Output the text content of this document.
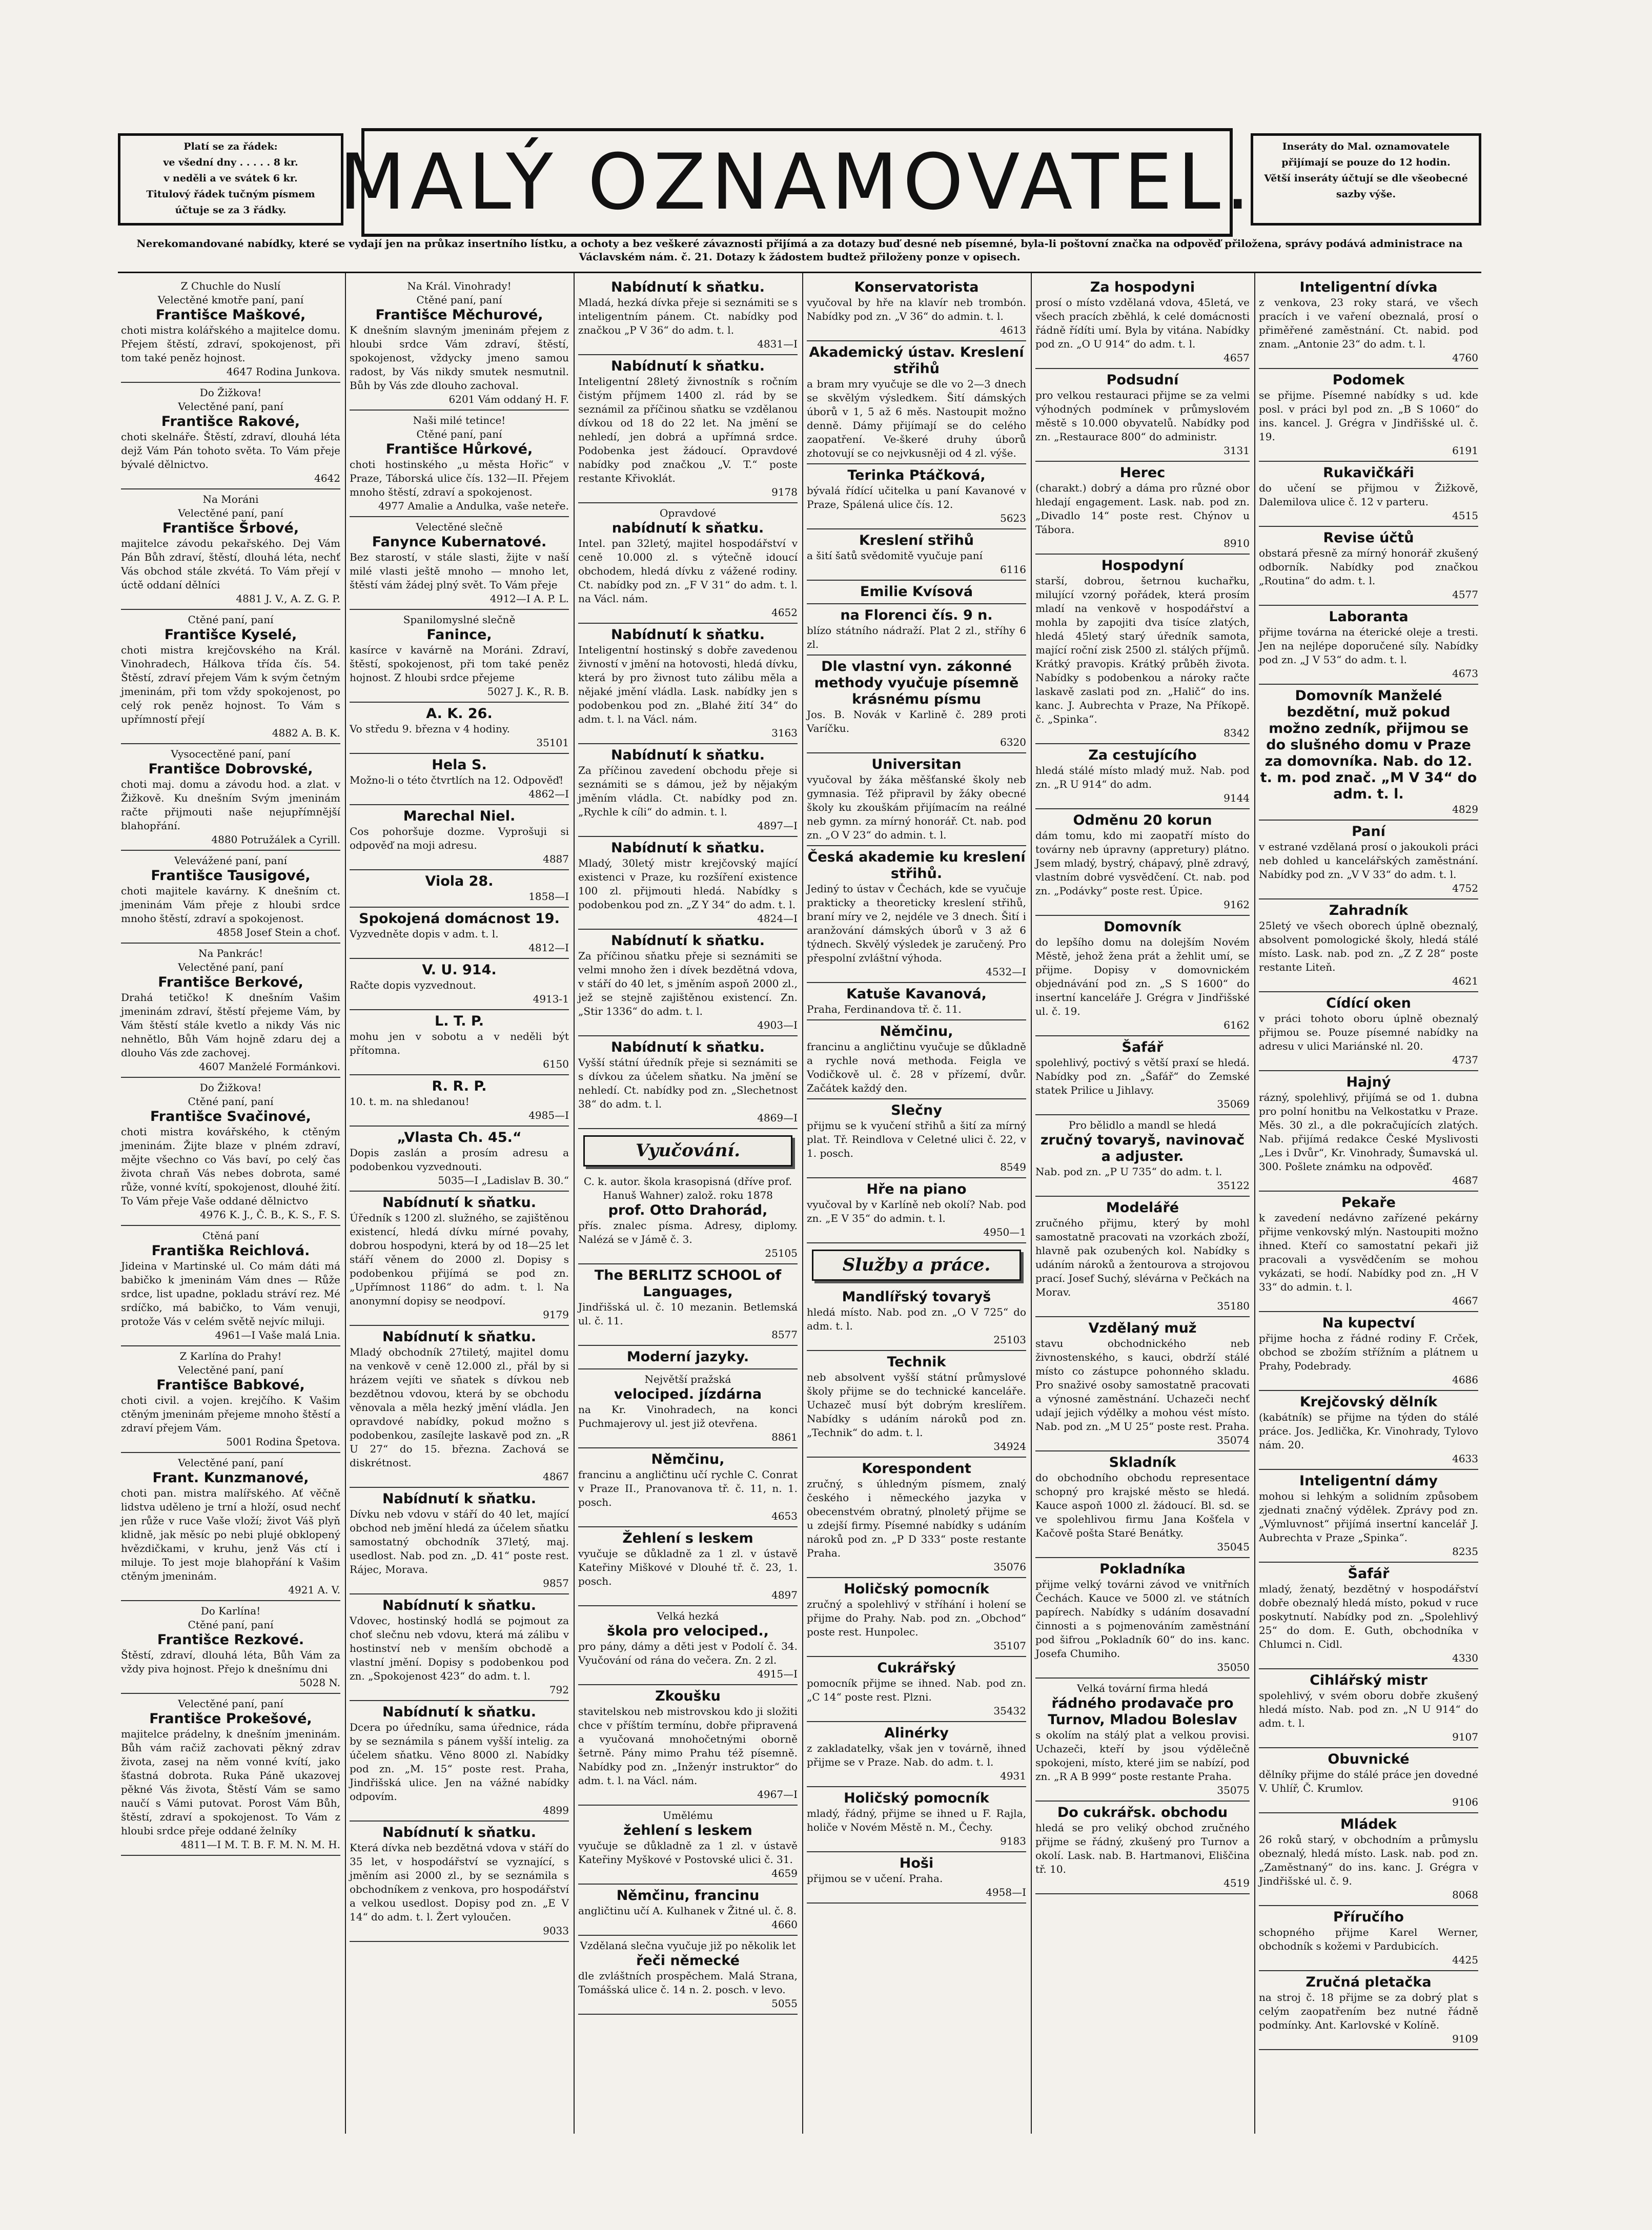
Platí se za řádek:
ve všední dny . . . . . 8 kr.
v neděli a ve svátek 6 kr.
Titulový řádek tučným písmem
účtuje se za 3 řádky. MALÝ OZNAMOVATEL.	Inseráty do Mal. oznamovatele
přijímají se pouze do 12 hodin.
Větší inseráty účtují se dle všeobecné sazby výše.
Nerekomandované nabídky, které se vydají jen na průkaz insertního lístku, a ochoty a bez veškeré závaznosti přijímá a za dotazy buď desné neb písemné, byla-li poštovní značka na odpověď přiložena, správy podává administrace na Václavském nám. č. 21. Dotazy k žádostem budtež přiloženy ponze v opisech.
Z Chuchle do Nuslí
Velectěné kmotře paní, paní
Františce Maškové,
choti mistra kolářského a majitelce domu. Přejem štěstí, zdraví, spokojenost, při tom také peněz hojnost.
4647 Rodina Junkova.
Do Žižkova!
Velectěné paní, paní
Františce Rakové,
choti skelnáře. Štěstí, zdraví, dlouhá léta dejž Vám Pán tohoto světa. To Vám přeje bývalé dělnictvo.
4642
Na Moráni
Velectěné paní, paní
Františce Šrbové,
majitelce závodu pekařského. Dej Vám Pán Bůh zdraví, štěstí, dlouhá léta, nechť Vás obchod stále zkvétá. To Vám přejí v úctě oddaní dělníci
4881 J. V., A. Z. G. P.
Ctěné paní, paní
Františce Kyselé,
choti mistra krejčovského na Král. Vinohradech, Hálkova třída čís. 54. Štěstí, zdraví přejem Vám k svým četným jmeninám, při tom vždy spokojenost, po celý rok peněz hojnost. To Vám s upřímností přejí
4882 A. B. K.
Vysocectěné paní, paní
Františce Dobrovské,
choti maj. domu a závodu hod. a zlat. v Žižkově. Ku dnešním Svým jmeninám račte přijmouti naše nejupřímnější blahopřání.
4880 Potružálek a Cyrill.
Velevážené paní, paní
Františce Tausigové,
choti majitele kavárny. K dnešním ct. jmeninám Vám přeje z hloubi srdce mnoho štěstí, zdraví a spokojenost.
4858 Josef Stein a choť.
Na Pankrác!
Velectěné paní, paní
Františce Berkové,
Drahá tetičko! K dnešním Vašim jmeninám zdraví, štěstí přejeme Vám, by Vám štěstí stále kvetlo a nikdy Vás nic nehnětlo, Bůh Vám hojně zdaru dej a dlouho Vás zde zachovej.
4607 Manželé Formánkovi.
Do Žižkova!
Ctěné paní, paní
Františce Svačinové,
choti mistra kovářského, k ctěným jmeninám. Žijte blaze v plném zdraví, mějte všechno co Vás baví, po celý čas života chraň Vás nebes dobrota, samé růže, vonné kvítí, spokojenost, dlouhé žití. To Vám přeje Vaše oddané dělnictvo
4976 K. J., Č. B., K. S., F. S.
Ctěná paní
Františka Reichlová.
Jideina v Martinské ul. Co mám dáti má babičko k jmeninám Vám dnes — Růže srdce, list upadne, pokladu stráví rez. Mé srdíčko, má babičko, to Vám venuji, protože Vás v celém světě nejvíc miluji.
4961—I Vaše malá Lnia.
Z Karlína do Prahy!
Velectěné paní, paní
Františce Babkové,
choti civil. a vojen. krejčího. K Vašim ctěným jmeninám přejeme mnoho štěstí a zdraví přejem Vám.
5001 Rodina Špetova.
Velectěné paní, paní
Frant. Kunzmanové,
choti pan. mistra malířského. Ať věčně lidstva uděleno je trní a hloží, osud nechť jen růže v ruce Vaše vloží; život Váš plyň klidně, jak měsíc po nebi plujé obklopený hvězdičkami, v kruhu, jenž Vás ctí i miluje. To jest moje blahopřání k Vašim ctěným jmeninám.
4921 A. V.
Do Karlína!
Ctěné paní, paní
Františce Rezkové.
Štěstí, zdraví, dlouhá léta, Bůh Vám za vždy piva hojnost. Přejo k dnešnímu dni
5028 N.
Velectěné paní, paní
Františce Prokešové,
majitelce prádelny, k dnešním jmeninám. Bůh vám račiž zachovati pěkný zdrav života, zasej na něm vonné kvítí, jako šťastná dobrota. Ruka Páně ukazovej pěkné Vás života, Štěstí Vám se samo naučí s Vámi putovat. Porost Vám Bůh, štěstí, zdraví a spokojenost. To Vám z hloubi srdce přeje oddané želníky
4811—I M. T. B. F. M. N. M. H.
Na Král. Vinohrady!
Ctěné paní, paní
Františce Měchurové,
K dnešním slavným jmeninám přejem z hloubi srdce Vám zdraví, štěstí, spokojenost, vždycky jmeno samou radost, by Vás nikdy smutek nesmutnil. Bůh by Vás zde dlouho zachoval.
6201 Vám oddaný H. F.
Naši milé tetince!
Ctěné paní, paní
Františce Hůrkové,
choti hostinského „u města Hořic“ v Praze, Táborská ulice čís. 132—II. Přejem mnoho štěstí, zdraví a spokojenost.
4977 Amalie a Andulka, vaše neteře.
Velectěné slečně
Fanynce Kubernatové.
Bez starostí, v stále slasti, žijte v naší milé vlasti ještě mnoho — mnoho let, štěstí vám žádej plný svět. To Vám přeje
4912—I A. P. L.
Spanilomyslné slečně
Fanince,
kasírce v kavárně na Moráni. Zdraví, štěstí, spokojenost, při tom také peněz hojnost. Z hloubi srdce přejeme
5027 J. K., R. B.
A. K. 26.
Vo středu 9. března v 4 hodiny.
35101
Hela S.
Možno-li o této čtvrtlích na 12. Odpověď!
4862—I
Marechal Niel.
Cos pohoršuje dozme. Vyprošuji si odpověď na moji adresu.
4887
Viola 28.
1858—I
Spokojená domácnost 19.
Vyzvedněte dopis v adm. t. l.
4812—I
V. U. 914.
Račte dopis vyzvednout.
4913-1
L. T. P.
mohu jen v sobotu a v neděli být přítomna.
6150
R. R. P.
10. t. m. na shledanou!
4985—I
„Vlasta Ch. 45.“
Dopis zaslán a prosím adresu a podobenkou vyzvednouti.
5035—I „Ladislav B. 30.“
Nabídnutí k sňatku.
Úředník s 1200 zl. služného, se zajištěnou existencí, hledá dívku mírné povahy, dobrou hospodyni, která by od 18—25 let stáří věnem do 2000 zl. Dopisy s podobenkou přijímá se pod zn. „Upřímnost 1186“ do adm. t. l. Na anonymní dopisy se neodpoví.
9179
Nabídnutí k sňatku.
Mladý obchodník 27tiletý, majitel domu na venkově v ceně 12.000 zl., přál by si hrázem vejíti ve sňatek s dívkou neb bezdětnou vdovou, která by se obchodu věnovala a měla hezký jmění vládla. Jen opravdové nabídky, pokud možno s podobenkou, zasílejte laskavě pod zn. „R U 27“ do 15. března. Zachová se diskrétnost.
4867
Nabídnutí k sňatku.
Dívku neb vdovu v stáří do 40 let, mající obchod neb jmění hledá za účelem sňatku samostatný obchodník 37letý, maj. usedlost. Nab. pod zn. „D. 41“ poste rest. Rájec, Morava.
9857
Nabídnutí k sňatku.
Vdovec, hostinský hodlá se pojmout za choť slečnu neb vdovu, která má zálibu v hostinství neb v menším obchodě a vlastní jmění. Dopisy s podobenkou pod zn. „Spokojenost 423“ do adm. t. l.
792
Nabídnutí k sňatku.
Dcera po úředníku, sama úřednice, ráda by se seznámila s pánem vyšší intelig. za účelem sňatku. Věno 8000 zl. Nabídky pod zn. „M. 15“ poste rest. Praha, Jindřišská ulice. Jen na vážné nabídky odpovím.
4899
Nabídnutí k sňatku.
Která dívka neb bezdětná vdova v stáří do 35 let, v hospodářství se vyznající, s jměním asi 2000 zl., by se seznámila s obchodníkem z venkova, pro hospodářství a velkou usedlost. Dopisy pod zn. „E V 14“ do adm. t. l. Žert vyloučen.
9033
Nabídnutí k sňatku.
Mladá, hezká dívka přeje si seznámiti se s inteligentním pánem. Ct. nabídky pod značkou „P V 36“ do adm. t. l.
4831—I
Nabídnutí k sňatku.
Inteligentní 28letý živnostník s ročním čistým příjmem 1400 zl. rád by se seznámil za příčinou sňatku se vzdělanou dívkou od 18 do 22 let. Na jmění se nehledí, jen dobrá a upřímná srdce. Podobenka jest žádoucí. Opravdové nabídky pod značkou „V. T.“ poste restante Křivoklát.
9178
Opravdové
nabídnutí k sňatku.
Intel. pan 32letý, majitel hospodářství v ceně 10.000 zl. s výtečně idoucí obchodem, hledá dívku z vážené rodiny. Ct. nabídky pod zn. „F V 31“ do adm. t. l. na Václ. nám.
4652
Nabídnutí k sňatku.
Inteligentní hostinský s dobře zavedenou živností v jmění na hotovosti, hledá dívku, která by pro živnost tuto zálibu měla a nějaké jmění vládla. Lask. nabídky jen s podobenkou pod zn. „Blahé žití 34“ do adm. t. l. na Václ. nám.
3163
Nabídnutí k sňatku.
Za příčinou zavedení obchodu přeje si seznámiti se s dámou, jež by nějakým jměním vládla. Ct. nabídky pod zn. „Rychle k cíli“ do admin. t. l.
4897—I
Nabídnutí k sňatku.
Mladý, 30letý mistr krejčovský mající existenci v Praze, ku rozšíření existence 100 zl. přijmouti hledá. Nabídky s podobenkou pod zn. „Z Y 34“ do adm. t. l.
4824—I
Nabídnutí k sňatku.
Za příčinou sňatku přeje si seznámiti se velmi mnoho žen i dívek bezdětná vdova, v stáří do 40 let, s jměním aspoň 2000 zl., jež se stejně zajištěnou existencí. Zn. „Stir 1336“ do adm. t. l.
4903—I
Nabídnutí k sňatku.
Vyšší státní úředník přeje si seznámiti se s dívkou za účelem sňatku. Na jmění se nehledí. Ct. nabídky pod zn. „Slechetnost 38“ do adm. t. l.
4869—I
Vyučování.
C. k. autor. škola krasopisná (dříve prof. Hanuš Wahner) založ. roku 1878
prof. Otto Drahorád,
přís. znalec písma. Adresy, diplomy. Nalézá se v Jámě č. 3.
25105
The BERLITZ SCHOOL of Languages,
Jindřišská ul. č. 10 mezanin. Betlemská ul. č. 11.
8577
Moderní jazyky.
Největší pražská
velociped. jízdárna
na Kr. Vinohradech, na konci Puchmajerovy ul. jest již otevřena.
8861
Němčinu,
francinu a angličtinu učí rychle C. Conrat v Praze II., Pranovanova tř. č. 11, n. 1. posch.
4653
Žehlení s leskem
vyučuje se důkladně za 1 zl. v ústavě Kateřiny Miškové v Dlouhé tř. č. 23, 1. posch.
4897
Velká hezká
škola pro velociped.,
pro pány, dámy a děti jest v Podolí č. 34. Vyučování od rána do večera. Zn. 2 zl.
4915—I
Zkoušku
stavitelskou neb mistrovskou kdo ji složiti chce v příštím termínu, dobře připravená a vyučovaná mnohočetnými oborně šetrně. Pány mimo Prahu též písemně. Nabídky pod zn. „Inženýr instruktor“ do adm. t. l. na Václ. nám.
4967—I
Umělému
žehlení s leskem
vyučuje se důkladně za 1 zl. v ústavě Kateřiny Myškové v Postovské ulici č. 31.
4659
Němčinu, francinu
angličtinu učí A. Kulhanek v Žitné ul. č. 8.
4660
Vzdělaná slečna vyučuje již po několik let
řeči německé
dle zvláštních prospěchem. Malá Strana, Tomášská ulice č. 14 n. 2. posch. v levo.
5055
Konservatorista
vyučoval by hře na klavír neb trombón. Nabídky pod zn. „V 36“ do admin. t. l.
4613
Akademický ústav. Kreslení střihů
a bram mry vyučuje se dle vo 2—3 dnech se skvělým výsledkem. Šití dámských úborů v 1, 5 až 6 měs. Nastoupit možno denně. Dámy přijímají se do celého zaopatření. Ve-škeré druhy úborů zhotovují se co nejvkusněji od 4 zl. výše.
Terinka Ptáčková,
bývalá řídící učitelka u paní Kavanové v Praze, Spálená ulice čís. 12.
5623
Kreslení střihů
a šití šatů svědomitě vyučuje paní
6116
Emilie Kvísová
na Florenci čís. 9 n.
blízo státního nádraží. Plat 2 zl., stříhy 6 zl.
Dle vlastní vyn. zákonné methody vyučuje písemně krásnému písmu
Jos. B. Novák v Karlině č. 289 proti Varíčku.
6320
Universitan
vyučoval by žáka měšťanské školy neb gymnasia. Též připravil by žáky obecné školy ku zkouškám přijímacím na reálné neb gymn. za mírný honorář. Ct. nab. pod zn. „O V 23“ do admin. t. l.
Česká akademie ku kreslení střihů.
Jediný to ústav v Čechách, kde se vyučuje prakticky a theoreticky kreslení střihů, braní míry ve 2, nejdéle ve 3 dnech. Šití i aranžování dámských úborů v 3 až 6 týdnech. Skvělý výsledek je zaručený. Pro přespolní zvláštní výhoda.
4532—I
Katuše Kavanová,
Praha, Ferdinandova tř. č. 11.
Němčinu,
francinu a angličtinu vyučuje se důkladně a rychle nová methoda. Feigla ve Vodičkově ul. č. 28 v přízemí, dvůr. Začátek každý den.
Slečny
přijmu se k vyučení střihů a šití za mírný plat. Tř. Reindlova v Celetné ulici č. 22, v 1. posch.
8549
Hře na piano
vyučoval by v Karlíně neb okolí? Nab. pod zn. „E V 35“ do admin. t. l.
4950—1
Služby a práce.
Mandlířský tovaryš
hledá místo. Nab. pod zn. „O V 725“ do adm. t. l.
25103
Technik
neb absolvent vyšší státní průmyslové školy přijme se do technické kanceláře. Uchazeč musí být dobrým kreslířem. Nabídky s udáním nároků pod zn. „Technik“ do adm. t. l.
34924
Korespondent
zručný, s úhledným písmem, znalý českého i německého jazyka v obecenstvém obratný, plnoletý přijme se u zdejší firmy. Písemné nabídky s udáním nároků pod zn. „P D 333“ poste restante Praha.
35076
Holičský pomocník
zručný a spolehlivý v stříhání i holení se přijme do Prahy. Nab. pod zn. „Obchod“ poste rest. Hunpolec.
35107
Cukrářský
pomocník přijme se ihned. Nab. pod zn. „C 14“ poste rest. Plzni.
35432
Alinérky
z zakladatelky, však jen v továrně, ihned přijme se v Praze. Nab. do adm. t. l.
4931
Holičský pomocník
mladý, řádný, přijme se ihned u F. Rajla, holiče v Novém Městě n. M., Čechy.
9183
Hoši
přijmou se v učení. Praha.
4958—I
Za hospodyni
prosí o místo vzdělaná vdova, 45letá, ve všech pracích zběhlá, k celé domácnosti řádně řídíti umí. Byla by vitána. Nabídky pod zn. „O U 914“ do adm. t. l.
4657
Podsudní
pro velkou restauraci přijme se za velmi výhodných podmínek v průmyslovém městě s 10.000 obyvatelů. Nabídky pod zn. „Restaurace 800“ do administr.
3131
Herec
(charakt.) dobrý a dáma pro různé obor hledají engagement. Lask. nab. pod zn. „Divadlo 14“ poste rest. Chýnov u Tábora.
8910
Hospodyní
starší, dobrou, šetrnou kuchařku, milující vzorný pořádek, která prosím mladí na venkově v hospodářství a mohla by zapojiti dva tisíce zlatých, hledá 45letý starý úředník samota, mající roční zisk 2500 zl. stálých příjmů. Krátký pravopis. Krátký průběh života. Nabídky s podobenkou a nároky račte laskavě zaslati pod zn. „Halič“ do ins. kanc. J. Aubrechta v Praze, Na Příkopě. č. „Spinka“.
8342
Za cestujícího
hledá stálé místo mladý muž. Nab. pod zn. „R U 914“ do adm.
9144
Odměnu 20 korun
dám tomu, kdo mi zaopatří místo do továrny neb úpravny (appretury) plátno. Jsem mladý, bystrý, chápavý, plně zdravý, vlastním dobré vysvědčení. Ct. nab. pod zn. „Podávky“ poste rest. Úpice.
9162
Domovník
do lepšího domu na dolejším Novém Městě, jehož žena prát a žehlit umí, se přijme. Dopisy v domovnickém objednávání pod zn. „S S 1600“ do insertní kanceláře J. Grégra v Jindřišské ul. č. 19.
6162
Šafář
spolehlivý, poctivý s větší praxí se hledá. Nabídky pod zn. „Šafář“ do Zemské statek Prilice u Jihlavy.
35069
Pro bělidlo a mandl se hledá
zručný tovaryš, navinovač a adjuster.
Nab. pod zn. „P U 735“ do adm. t. l.
35122
Modelářé
zručného přijmu, který by mohl samostatně pracovati na vzorkách zboží, hlavně pak ozubených kol. Nabídky s udáním nároků a žentourova a strojovou prací. Josef Suchý, slévárna v Pečkách na Morav.
35180
Vzdělaný muž
stavu obchodnického neb živnostenského, s kauci, obdrží stálé místo co zástupce pohonného skladu. Pro snaživé osoby samostatně pracovati a výnosné zaměstnání. Uchazeči nechť udají jejich výdělky a mohou vést místo. Nab. pod zn. „M U 25“ poste rest. Praha.
35074
Skladník
do obchodního obchodu representace schopný pro krajské město se hledá. Kauce aspoň 1000 zl. žádoucí. Bl. sd. se ve spolehlivou firmu Jana Košťela v Kačově pošta Staré Benátky.
35045
Pokladníka
přijme velký továrni závod ve vnitřních Čechách. Kauce ve 5000 zl. ve státních papírech. Nabídky s udáním dosavadní činnosti a s pojmenováním zaměstnání pod šifrou „Pokladník 60“ do ins. kanc. Josefa Chumiho.
35050
Velká tovární firma hledá
řádného prodavače pro Turnov, Mladou Boleslav
s okolím na stálý plat a velkou provisi. Uchazeči, kteří by jsou výdělečně spokojeni, místo, které jim se nabízí, pod zn. „R A B 999“ poste restante Praha.
35075
Do cukrářsk. obchodu
hledá se pro veliký obchod zručného přijme se řádný, zkušený pro Turnov a okolí. Lask. nab. B. Hartmanovi, Eliščina tř. 10.
4519
Inteligentní dívka
z venkova, 23 roky stará, ve všech pracích i ve vaření obeznalá, prosí o přiměřené zaměstnání. Ct. nabid. pod znam. „Antonie 23“ do adm. t. l.
4760
Podomek
se přijme. Písemné nabídky s ud. kde posl. v práci byl pod zn. „B S 1060“ do ins. kancel. J. Grégra v Jindřišské ul. č. 19.
6191
Rukavičkáři
do učení se přijmou v Žižkově, Dalemilova ulice č. 12 v parteru.
4515
Revise účtů
obstará přesně za mírný honorář zkušený odborník. Nabídky pod značkou „Routina“ do adm. t. l.
4577
Laboranta
přijme továrna na éterické oleje a tresti. Jen na nejlépe doporučené síly. Nabídky pod zn. „J V 53“ do adm. t. l.
4673
Domovník Manželé bezdětní, muž pokud možno zedník, přijmou se do slušného domu v Praze za domovníka. Nab. do 12. t. m. pod znač. „M V 34“ do adm. t. l.
4829
Paní
v estrané vzdělaná prosí o jakoukoli práci neb dohled u kancelářských zaměstnání. Nabídky pod zn. „V V 33“ do adm. t. l.
4752
Zahradník
25letý ve všech oborech úplně obeznalý, absolvent pomologické školy, hledá stálé místo. Lask. nab. pod zn. „Z Z 28“ poste restante Liteň.
4621
Cídící oken
v práci tohoto oboru úplně obeznalý přijmou se. Pouze písemné nabídky na adresu v ulici Mariánské nl. 20.
4737
Hajný
rázný, spolehlivý, přijímá se od 1. dubna pro polní honitbu na Velkostatku v Praze. Měs. 30 zl., a dle pokračujících zlatých. Nab. přijímá redakce České Myslivosti „Les i Dvůr“, Kr. Vinohrady, Šumavská ul. 300. Pošlete známku na odpověď.
4687
Pekaře
k zavedení nedávno zařízené pekárny přijme venkovský mlýn. Nastoupiti možno ihned. Kteří co samostatní pekaři již pracovali a vysvědčením se mohou vykázati, se hodí. Nabídky pod zn. „H V 33“ do admin. t. l.
4667
Na kupectví
přijme hocha z řádné rodiny F. Crček, obchod se zbožím střížním a plátnem u Prahy, Podebrady.
4686
Krejčovský dělník
(kabátník) se přijme na týden do stálé práce. Jos. Jedlička, Kr. Vinohrady, Tylovo nám. 20.
4633
Inteligentní dámy
mohou si lehkým a solidním způsobem zjednati značný výdělek. Zprávy pod zn. „Výmluvnost“ přijímá insertní kancelář J. Aubrechta v Praze „Spinka“.
8235
Šafář
mladý, ženatý, bezdětný v hospodářství dobře obeznalý hledá místo, pokud v ruce poskytnutí. Nabídky pod zn. „Spolehlivý 25“ do dom. E. Guth, obchodníka v Chlumci n. Cidl.
4330
Cihlářský mistr
spolehlivý, v svém oboru dobře zkušený hledá místo. Nab. pod zn. „N U 914“ do adm. t. l.
9107
Obuvnické
dělníky přijme do stálé práce jen dovedné V. Uhlíř, Č. Krumlov.
9106
Mládek
26 roků starý, v obchodním a průmyslu obeznalý, hledá místo. Lask. nab. pod zn. „Zaměstnaný“ do ins. kanc. J. Grégra v Jindřišské ul. č. 9.
8068
Příručího
schopného přijme Karel Werner, obchodník s kožemi v Pardubicích.
4425
Zručná pletačka
na stroj č. 18 přijme se za dobrý plat s celým zaopatřením bez nutné řádně podmínky. Ant. Karlovské v Kolíně.
9109
